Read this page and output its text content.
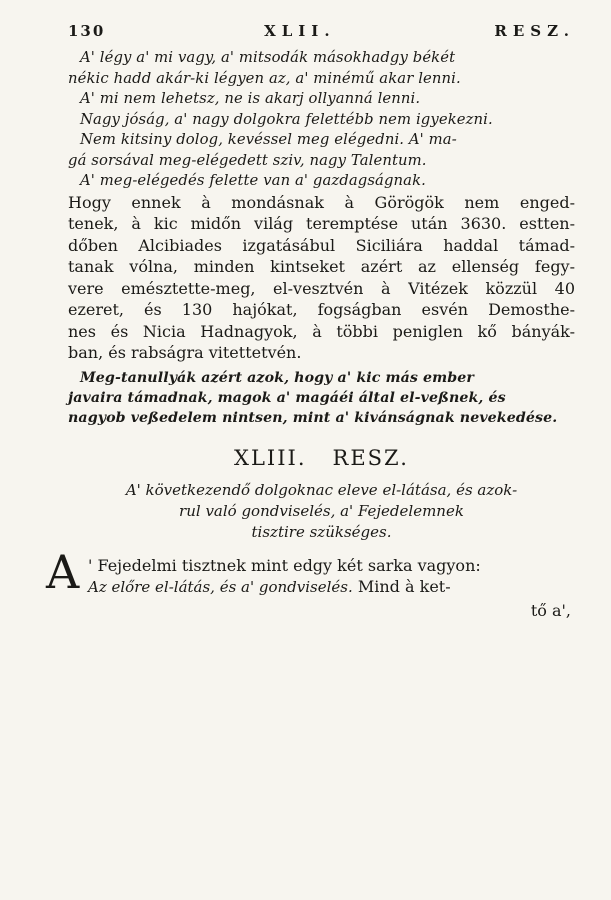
130	XLII.	RESZ.

A' légy a' mi vagy, a' mitsodák másokhadgy békét

nékic hadd akár-ki légyen az, a' minémű akar lenni.

A' mi nem lehetsz, ne is akarj ollyanná lenni.

Nagy jóság, a' nagy dolgokra felettébb nem igyekezni.

Nem kitsiny dolog, kevéssel meg elégedni. A' ma-

gá sorsával meg-elégedett sziv, nagy Talentum.

A' meg-elégedés felette van a' gazdagságnak.

Hogy ennek à mondásnak à Görögök nem enged-

tenek, à kic midőn világ teremptése után 3630. estten-

dőben Alcibiades izgatásábul Siciliára haddal támad-

tanak vólna, minden kintseket azért az ellenség fegy-

vere emésztette-meg, el-vesztvén à Vitézek közzül 40

ezeret, és 130 hajókat, fogságban esvén Demosthe-

nes és Nicia Hadnagyok, à többi peniglen kő bányák-

ban, és rabságra vitettetvén.

Meg-tanullyák azért azok, hogy a' kic más ember

javaira támadnak, magok a' magáéi által el-veßnek, és

nagyob veßedelem nintsen, mint a' kivánságnak nevekedése.

XLIII. RESZ.

A' következendő dolgoknac eleve el-látása, és azok-

rul való gondviselés, a' Fejedelemnek

tisztire szükséges.

A ' Fejedelmi tisztnek mint edgy két sarka vagyon:

Az előre el-látás, és a' gondviselés. Mind à ket-

tő a',
